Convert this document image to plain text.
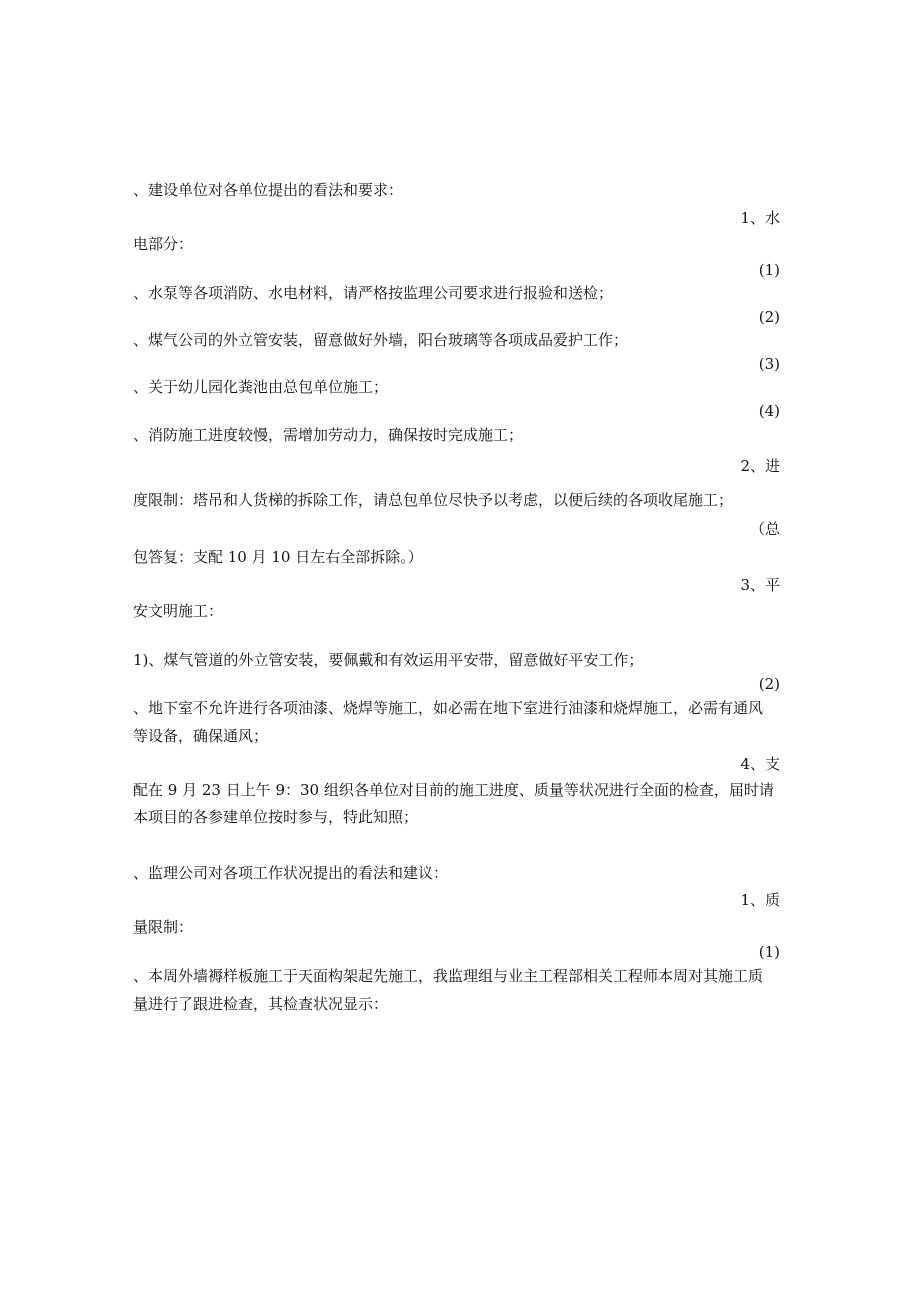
、建设单位对各单位提出的看法和要求：
1、水
电部分：
(1)
、水泵等各项消防、水电材料，请严格按监理公司要求进行报验和送检；
(2)
、煤气公司的外立管安装，留意做好外墙，阳台玻璃等各项成品爱护工作；
(3)
、关于幼儿园化粪池由总包单位施工；
(4)
、消防施工进度较慢，需增加劳动力，确保按时完成施工；
2、进
度限制：塔吊和人货梯的拆除工作，请总包单位尽快予以考虑，以便后续的各项收尾施工；
（总
包答复：支配 10 月 10 日左右全部拆除。）
3、平
安文明施工：
1)、煤气管道的外立管安装，要佩戴和有效运用平安带，留意做好平安工作；
(2)
、地下室不允许进行各项油漆、烧焊等施工，如必需在地下室进行油漆和烧焊施工，必需有通风
等设备，确保通风；
4、支
配在 9 月 23 日上午 9：30 组织各单位对目前的施工进度、质量等状况进行全面的检查，届时请
本项目的各参建单位按时参与，特此知照；
、监理公司对各项工作状况提出的看法和建议：
1、质
量限制：
(1)
、本周外墙褥样板施工于天面构架起先施工，我监理组与业主工程部相关工程师本周对其施工质
量进行了跟进检查，其检查状况显示：
